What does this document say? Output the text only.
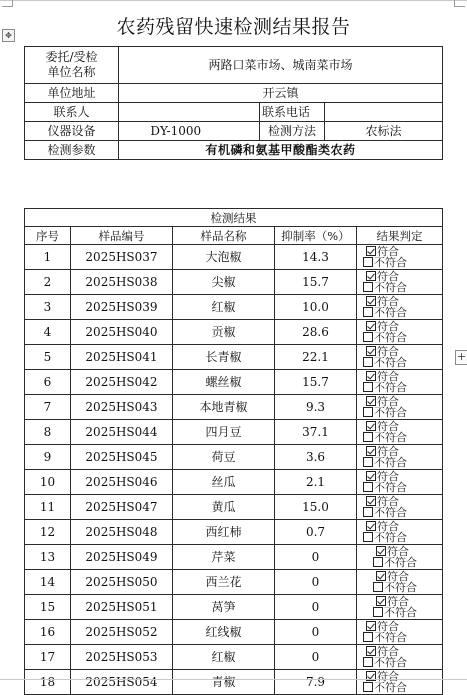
农药残留快速检测结果报告
✥
+
委托/受检
单位名称	两路口菜市场、城南菜市场			
单位地址	开云镇			
联系人			联系电话	
仪器设备	DY-1000		检测方法	农标法
检测参数	有机磷和氨基甲酸酯类农药			
检测结果				
序号	样品编号	样品名称	抑制率（%）	结果判定
1	2025HS037	大泡椒	14.3	符合
不符合

2	2025HS038	尖椒	15.7	符合
不符合

3	2025HS039	红椒	10.0	符合
不符合

4	2025HS040	贡椒	28.6	符合
不符合

5	2025HS041	长青椒	22.1	符合
不符合

6	2025HS042	螺丝椒	15.7	符合
不符合

7	2025HS043	本地青椒	9.3	符合
不符合

8	2025HS044	四月豆	37.1	符合
不符合

9	2025HS045	荷豆	3.6	符合
不符合

10	2025HS046	丝瓜	2.1	符合
不符合

11	2025HS047	黄瓜	15.0	符合
不符合

12	2025HS048	西红柿	0.7	符合
不符合

13	2025HS049	芹菜	0	符合
不符合

14	2025HS050	西兰花	0	符合
不符合

15	2025HS051	莴笋	0	符合
不符合

16	2025HS052	红线椒	0	符合
不符合

17	2025HS053	红椒	0	符合
不符合

18	2025HS054	青椒	7.9	符合
不符合
